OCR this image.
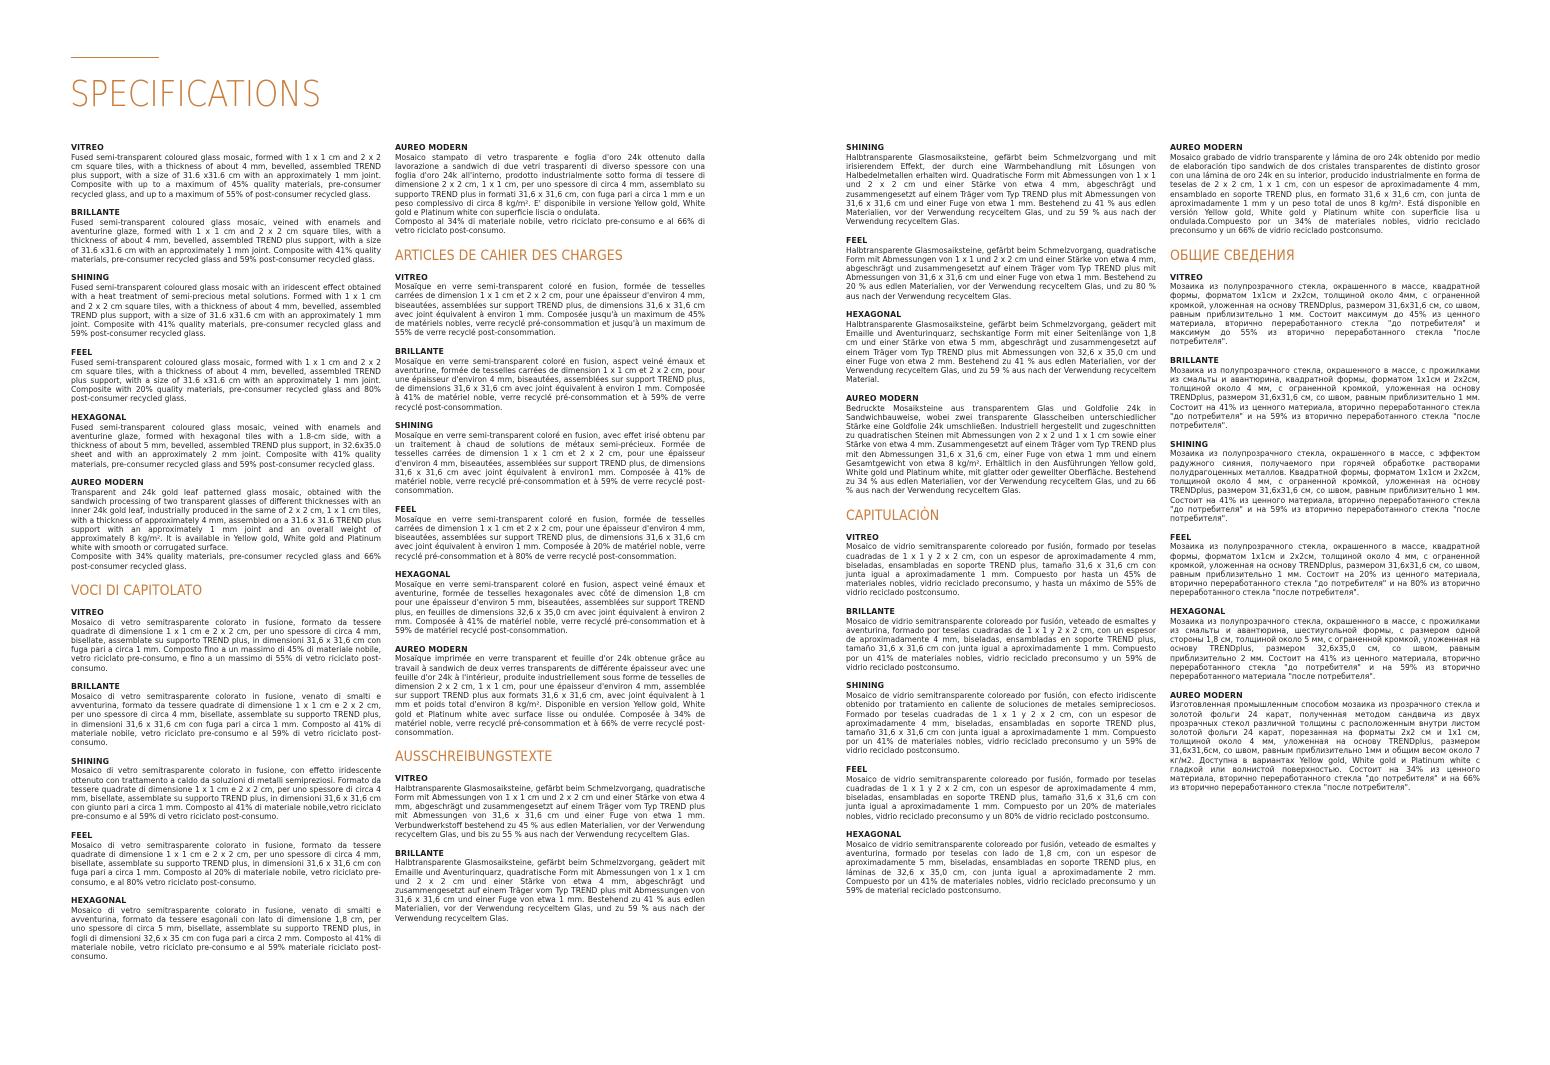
SPECIFICATIONS
VITREO
Fused semi-transparent coloured glass mosaic, formed with 1 x 1 cm and 2 x 2 cm square tiles, with a thickness of about 4 mm, bevelled, assembled TREND plus support, with a size of 31.6 x31.6 cm with an approximately 1 mm joint. Composite with up to a maximum of 45% quality materials, pre-consumer recycled glass, and up to a maximum of 55% of post-consumer recycled glass.
BRILLANTE
Fused semi-transparent coloured glass mosaic, veined with enamels and aventurine glaze, formed with 1 x 1 cm and 2 x 2 cm square tiles, with a thickness of about 4 mm, bevelled, assembled TREND plus support, with a size of 31.6 x31.6 cm with an approximately 1 mm joint. Composite with 41% quality materials, pre-consumer recycled glass and 59% post-consumer recycled glass.
SHINING
Fused semi-transparent coloured glass mosaic with an iridescent effect obtained with a heat treatment of semi-precious metal solutions. Formed with 1 x 1 cm and 2 x 2 cm square tiles, with a thickness of about 4 mm, bevelled, assembled TREND plus support, with a size of 31.6 x31.6 cm with an approximately 1 mm joint. Composite with 41% quality materials, pre-consumer recycled glass and 59% post-consumer recycled glass.
FEEL
Fused semi-transparent coloured glass mosaic, formed with 1 x 1 cm and 2 x 2 cm square tiles, with a thickness of about 4 mm, bevelled, assembled TREND plus support, with a size of 31.6 x31.6 cm with an approximately 1 mm joint. Composite with 20% quality materials, pre-consumer recycled glass and 80% post-consumer recycled glass.
HEXAGONAL
Fused semi-transparent coloured glass mosaic, veined with enamels and aventurine glaze, formed with hexagonal tiles with a 1.8-cm side, with a thickness of about 5 mm, bevelled, assembled TREND plus support, in 32.6x35.0 sheet and with an approximately 2 mm joint. Composite with 41% quality materials, pre-consumer recycled glass and 59% post-consumer recycled glass.
AUREO MODERN
Transparent and 24k gold leaf patterned glass mosaic, obtained with the sandwich processing of two transparent glasses of different thicknesses with an inner 24k gold leaf, industrially produced in the same of 2 x 2 cm, 1 x 1 cm tiles, with a thickness of approximately 4 mm, assembled on a 31.6 x 31.6 TREND plus support with an approximately 1 mm joint and an overall weight of approximately 8 kg/m². It is available in Yellow gold, White gold and Platinum white with smooth or corrugated surface.
Composite with 34% quality materials, pre-consumer recycled glass and 66% post-consumer recycled glass.
VOCI DI CAPITOLATO
VITREO
Mosaico di vetro semitrasparente colorato in fusione, formato da tessere quadrate di dimensione 1 x 1 cm e 2 x 2 cm, per uno spessore di circa 4 mm, bisellate, assemblate su supporto TREND plus, in dimensioni 31,6 x 31,6 cm con fuga pari a circa 1 mm. Composto fino a un massimo di 45% di materiale nobile, vetro riciclato pre-consumo, e fino a un massimo di 55% di vetro riciclato post-consumo.
BRILLANTE
Mosaico di vetro semitrasparente colorato in fusione, venato di smalti e avventurina, formato da tessere quadrate di dimensione 1 x 1 cm e 2 x 2 cm, per uno spessore di circa 4 mm, bisellate, assemblate su supporto TREND plus, in dimensioni 31,6 x 31,6 cm con fuga pari a circa 1 mm. Composto al 41% di materiale nobile, vetro riciclato pre-consumo e al 59% di vetro riciclato post-consumo.
SHINING
Mosaico di vetro semitrasparente colorato in fusione, con effetto iridescente ottenuto con trattamento a caldo da soluzioni di metalli semipreziosi. Formato da tessere quadrate di dimensione 1 x 1 cm e 2 x 2 cm, per uno spessore di circa 4 mm, bisellate, assemblate su supporto TREND plus, in dimensioni 31,6 x 31,6 cm con giunto pari a circa 1 mm. Composto al 41% di materiale nobile,vetro riciclato pre-consumo e al 59% di vetro riciclato post-consumo.
FEEL
Mosaico di vetro semitrasparente colorato in fusione, formato da tessere quadrate di dimensione 1 x 1 cm e 2 x 2 cm, per uno spessore di circa 4 mm, bisellate, assemblate su supporto TREND plus, in dimensioni 31,6 x 31,6 cm con fuga pari a circa 1 mm. Composto al 20% di materiale nobile, vetro riciclato pre-consumo, e al 80% vetro riciclato post-consumo.
HEXAGONAL
Mosaico di vetro semitrasparente colorato in fusione, venato di smalti e avventurina, formato da tessere esagonali con lato di dimensione 1,8 cm, per uno spessore di circa 5 mm, bisellate, assemblate su supporto TREND plus, in fogli di dimensioni 32,6 x 35 cm con fuga pari a circa 2 mm. Composto al 41% di materiale nobile, vetro riciclato pre-consumo e al 59% materiale riciclato post-consumo.
AUREO MODERN
Mosaico stampato di vetro trasparente e foglia d'oro 24k ottenuto dalla lavorazione a sandwich di due vetri trasparenti di diverso spessore con una foglia d'oro 24k all'interno, prodotto industrialmente sotto forma di tessere di dimensione 2 x 2 cm, 1 x 1 cm, per uno spessore di circa 4 mm, assemblato su supporto TREND plus in formati 31,6 x 31,6 cm, con fuga pari a circa 1 mm e un peso complessivo di circa 8 kg/m². E' disponibile in versione Yellow gold, White gold e Platinum white con superficie liscia o ondulata.
Composto al 34% di materiale nobile, vetro riciclato pre-consumo e al 66% di vetro riciclato post-consumo.
ARTICLES DE CAHIER DES CHARGES
VITREO
Mosaïque en verre semi-transparent coloré en fusion, formée de tesselles carrées de dimension 1 x 1 cm et 2 x 2 cm, pour une épaisseur d'environ 4 mm, biseautées, assemblées sur support TREND plus, de dimensions 31,6 x 31,6 cm avec joint équivalent à environ 1 mm. Composée jusqu'à un maximum de 45% de matériels nobles, verre recyclé pré-consommation et jusqu'à un maximum de 55% de verre recyclé post-consommation.
BRILLANTE
Mosaïque en verre semi-transparent coloré en fusion, aspect veiné émaux et aventurine, formée de tesselles carrées de dimension 1 x 1 cm et 2 x 2 cm, pour une épaisseur d'environ 4 mm, biseautées, assemblées sur support TREND plus, de dimensions 31,6 x 31,6 cm avec joint équivalent à environ 1 mm. Composée à 41% de matériel noble, verre recyclé pré-consommation et à 59% de verre recyclé post-consommation.
SHINING
Mosaïque en verre semi-transparent coloré en fusion, avec effet irisé obtenu par un traitement à chaud de solutions de métaux semi-précieux. Formée de tesselles carrées de dimension 1 x 1 cm et 2 x 2 cm, pour une épaisseur d'environ 4 mm, biseautées, assemblées sur support TREND plus, de dimensions 31,6 x 31,6 cm avec joint équivalent à environ1 mm. Composée à 41% de matériel noble, verre recyclé pré-consommation et à 59% de verre recyclé post-consommation.
FEEL
Mosaïque en verre semi-transparent coloré en fusion, formée de tesselles carrées de dimension 1 x 1 cm et 2 x 2 cm, pour une épaisseur d'environ 4 mm, biseautées, assemblées sur support TREND plus, de dimensions 31,6 x 31,6 cm avec joint équivalent à environ 1 mm. Composée à 20% de matériel noble, verre recyclé pré-consommation et à 80% de verre recyclé post-consommation.
HEXAGONAL
Mosaïque en verre semi-transparent coloré en fusion, aspect veiné émaux et aventurine, formée de tesselles hexagonales avec côté de dimension 1,8 cm pour une épaisseur d'environ 5 mm, biseautées, assemblées sur support TREND plus, en feuilles de dimensions 32,6 x 35,0 cm avec joint équivalent à environ 2 mm. Composée à 41% de matériel noble, verre recyclé pré-consommation et à 59% de matériel recyclé post-consommation.
AUREO MODERN
Mosaïque imprimée en verre transparent et feuille d'or 24k obtenue grâce au travail à sandwich de deux verres transparents de différente épaisseur avec une feuille d'or 24k à l'intérieur, produite industriellement sous forme de tesselles de dimension 2 x 2 cm, 1 x 1 cm, pour une épaisseur d'environ 4 mm, assemblée sur support TREND plus aux formats 31,6 x 31,6 cm, avec joint équivalent à 1 mm et poids total d'environ 8 kg/m². Disponible en version Yellow gold, White gold et Platinum white avec surface lisse ou ondulée. Composée à 34% de matériel noble, verre recyclé pré-consommation et à 66% de verre recyclé post-consommation.
AUSSCHREIBUNGSTEXTE
VITREO
Halbtransparente Glasmosaiksteine, gefärbt beim Schmelzvorgang, quadratische Form mit Abmessungen von 1 x 1 cm und 2 x 2 cm und einer Stärke von etwa 4 mm, abgeschrägt und zusammengesetzt auf einem Träger vom Typ TREND plus mit Abmessungen von 31,6 x 31,6 cm und einer Fuge von etwa 1 mm. Verbundwerkstoff bestehend zu 45 % aus edlen Materialien, vor der Verwendung recyceltem Glas, und bis zu 55 % aus nach der Verwendung recyceltem Glas.
BRILLANTE
Halbtransparente Glasmosaiksteine, gefärbt beim Schmelzvorgang, geädert mit Emaille und Aventurinquarz, quadratische Form mit Abmessungen von 1 x 1 cm und 2 x 2 cm und einer Stärke von etwa 4 mm, abgeschrägt und zusammengesetzt auf einem Träger vom Typ TREND plus mit Abmessungen von 31,6 x 31,6 cm und einer Fuge von etwa 1 mm. Bestehend zu 41 % aus edlen Materialien, vor der Verwendung recyceltem Glas, und zu 59 % aus nach der Verwendung recyceltem Glas.
SHINING
Halbtransparente Glasmosaiksteine, gefärbt beim Schmelzvorgang und mit irisierendem Effekt, der durch eine Warmbehandlung mit Lösungen von Halbedelmetallen erhalten wird. Quadratische Form mit Abmessungen von 1 x 1 und 2 x 2 cm und einer Stärke von etwa 4 mm, abgeschrägt und zusammengesetzt auf einem Träger vom Typ TREND plus mit Abmessungen von 31,6 x 31,6 cm und einer Fuge von etwa 1 mm. Bestehend zu 41 % aus edlen Materialien, vor der Verwendung recyceltem Glas, und zu 59 % aus nach der Verwendung recyceltem Glas.
FEEL
Halbtransparente Glasmosaiksteine, gefärbt beim Schmelzvorgang, quadratische Form mit Abmessungen von 1 x 1 und 2 x 2 cm und einer Stärke von etwa 4 mm, abgeschrägt und zusammengesetzt auf einem Träger vom Typ TREND plus mit Abmessungen von 31,6 x 31,6 cm und einer Fuge von etwa 1 mm. Bestehend zu 20 % aus edlen Materialien, vor der Verwendung recyceltem Glas, und zu 80 % aus nach der Verwendung recyceltem Glas.
HEXAGONAL
Halbtransparente Glasmosaiksteine, gefärbt beim Schmelzvorgang, geädert mit Emaille und Aventurinquarz, sechskantige Form mit einer Seitenlänge von 1,8 cm und einer Stärke von etwa 5 mm, abgeschrägt und zusammengesetzt auf einem Träger vom Typ TREND plus mit Abmessungen von 32,6 x 35,0 cm und einer Fuge von etwa 2 mm. Bestehend zu 41 % aus edlen Materialien, vor der Verwendung recyceltem Glas, und zu 59 % aus nach der Verwendung recyceltem Material.
AUREO MODERN
Bedruckte Mosaiksteine aus transparentem Glas und Goldfolie 24k in Sandwichbauweise, wobei zwei transparente Glasscheiben unterschiedlicher Stärke eine Goldfolie 24k umschließen. Industriell hergestellt und zugeschnitten zu quadratischen Steinen mit Abmessungen von 2 x 2 und 1 x 1 cm sowie einer Stärke von etwa 4 mm. Zusammengesetzt auf einem Träger vom Typ TREND plus mit den Abmessungen 31,6 x 31,6 cm, einer Fuge von etwa 1 mm und einem Gesamtgewicht von etwa 8 kg/m². Erhältlich in den Ausführungen Yellow gold, White gold und Platinum white, mit glatter oder gewellter Oberfläche. Bestehend zu 34 % aus edlen Materialien, vor der Verwendung recyceltem Glas, und zu 66 % aus nach der Verwendung recyceltem Glas.
CAPITULACIÒN
VITREO
Mosaico de vidrio semitransparente coloreado por fusión, formado por teselas cuadradas de 1 x 1 y 2 x 2 cm, con un espesor de aproximadamente 4 mm, biseladas, ensambladas en soporte TREND plus, tamaño 31,6 x 31,6 cm con junta igual a aproximadamente 1 mm. Compuesto por hasta un 45% de materiales nobles, vidrio reciclado preconsumo, y hasta un máximo de 55% de vidrio reciclado postconsumo.
BRILLANTE
Mosaico de vidrio semitransparente coloreado por fusión, veteado de esmaltes y aventurina, formado por teselas cuadradas de 1 x 1 y 2 x 2 cm, con un espesor de aproximadamente 4 mm, biseladas, ensambladas en soporte TREND plus, tamaño 31,6 x 31,6 cm con junta igual a aproximadamente 1 mm. Compuesto por un 41% de materiales nobles, vidrio reciclado preconsumo y un 59% de vidrio reciclado postconsumo.
SHINING
Mosaico de vidrio semitransparente coloreado por fusión, con efecto iridiscente obtenido por tratamiento en caliente de soluciones de metales semipreciosos. Formado por teselas cuadradas de 1 x 1 y 2 x 2 cm, con un espesor de aproximadamente 4 mm, biseladas, ensambladas en soporte TREND plus, tamaño 31,6 x 31,6 cm con junta igual a aproximadamente 1 mm. Compuesto por un 41% de materiales nobles, vidrio reciclado preconsumo y un 59% de vidrio reciclado postconsumo.
FEEL
Mosaico de vidrio semitransparente coloreado por fusión, formado por teselas cuadradas de 1 x 1 y 2 x 2 cm, con un espesor de aproximadamente 4 mm, biseladas, ensambladas en soporte TREND plus, tamaño 31,6 x 31,6 cm con junta igual a aproximadamente 1 mm. Compuesto por un 20% de materiales nobles, vidrio reciclado preconsumo y un 80% de vidrio reciclado postconsumo.
HEXAGONAL
Mosaico de vidrio semitransparente coloreado por fusión, veteado de esmaltes y aventurina, formado por teselas con lado de 1,8 cm, con un espesor de aproximadamente 5 mm, biseladas, ensambladas en soporte TREND plus, en láminas de 32,6 x 35,0 cm, con junta igual a aproximadamente 2 mm. Compuesto por un 41% de materiales nobles, vidrio reciclado preconsumo y un 59% de material reciclado postconsumo.
AUREO MODERN
Mosaico grabado de vidrio transparente y lámina de oro 24k obtenido por medio de elaboración tipo sandwich de dos cristales transparentes de distinto grosor con una lámina de oro 24k en su interior, producido industrialmente en forma de teselas de 2 x 2 cm, 1 x 1 cm, con un espesor de aproximadamente 4 mm, ensamblado en soporte TREND plus, en formato 31,6 x 31,6 cm, con junta de aproximadamente 1 mm y un peso total de unos 8 kg/m². Está disponible en versión Yellow gold, White gold y Platinum white con superficie lisa u ondulada.Compuesto por un 34% de materiales nobles, vidrio reciclado preconsumo y un 66% de vidrio reciclado postconsumo.
ОБЩИЕ СВЕДЕНИЯ
VITREO
Мозаика из полупрозрачного стекла, окрашенного в массе, квадратной формы, форматом 1х1см и 2х2см, толщиной около 4мм, с ограненной кромкой, уложенная на основу TRENDplus, размером 31,6х31,6 см, со швом, равным приблизительно 1 мм. Состоит максимум до 45% из ценного материала, вторично переработанного стекла "до потребителя" и максимум до 55% из вторично переработанного стекла "после потребителя".
BRILLANTE
Мозаика из полупрозрачного стекла, окрашенного в массе, с прожилками из смальты и авантюрина, квадратной формы, форматом 1х1см и 2х2см, толщиной около 4 мм, с ограненной кромкой, уложенная на основу TRENDplus, размером 31,6х31,6 см, со швом, равным приблизительно 1 мм. Состоит на 41% из ценного материала, вторично переработанного стекла "до потребителя" и на 59% из вторично переработанного стекла "после потребителя".
SHINING
Мозаика из полупрозрачного стекла, окрашенного в массе, с эффектом радужного сияния, получаемого при горячей обработке растворами полудрагоценных металлов. Квадратной формы, форматом 1х1см и 2х2см, толщиной около 4 мм, с ограненной кромкой, уложенная на основу TRENDplus, размером 31,6х31,6 см, со швом, равным приблизительно 1 мм. Состоит на 41% из ценного материала, вторично переработанного стекла "до потребителя" и на 59% из вторично переработанного стекла "после потребителя".
FEEL
Мозаика из полупрозрачного стекла, окрашенного в массе, квадратной формы, форматом 1х1см и 2х2см, толщиной около 4 мм, с ограненной кромкой, уложенная на основу TRENDplus, размером 31,6х31,6 см, со швом, равным приблизительно 1 мм. Состоит на 20% из ценного материала, вторично переработанного стекла "до потребителя" и на 80% из вторично переработанного стекла "после потребителя".
HEXAGONAL
Мозаика из полупрозрачного стекла, окрашенного в массе, с прожилками из смальты и авантюрина, шестиугольной формы, с размером одной стороны 1,8 см, толщиной около 5 мм, с ограненной кромкой, уложенная на основу TRENDplus, размером 32,6х35,0 см, со швом, равным приблизительно 2 мм. Состоит на 41% из ценного материала, вторично переработанного стекла "до потребителя" и на 59% из вторично переработанного материала "после потребителя".
AUREO MODERN
Изготовленная промышленным способом мозаика из прозрачного стекла и золотой фольги 24 карат, полученная методом сандвича из двух прозрачных стекол различной толщины с расположенным внутри листом золотой фольги 24 карат, порезанная на форматы 2х2 см и 1х1 см, толщиной около 4 мм, уложенная на основу TRENDplus, размером 31,6х31,6см, со швом, равным приблизительно 1мм и общим весом около 7 кг/м2. Доступна в вариантах Yellow gold, White gold и Platinum white с гладкой или волнистой поверхностью. Состоит на 34% из ценного материала, вторично переработанного стекла "до потребителя" и на 66% из вторично переработанного стекла "после потребителя".
